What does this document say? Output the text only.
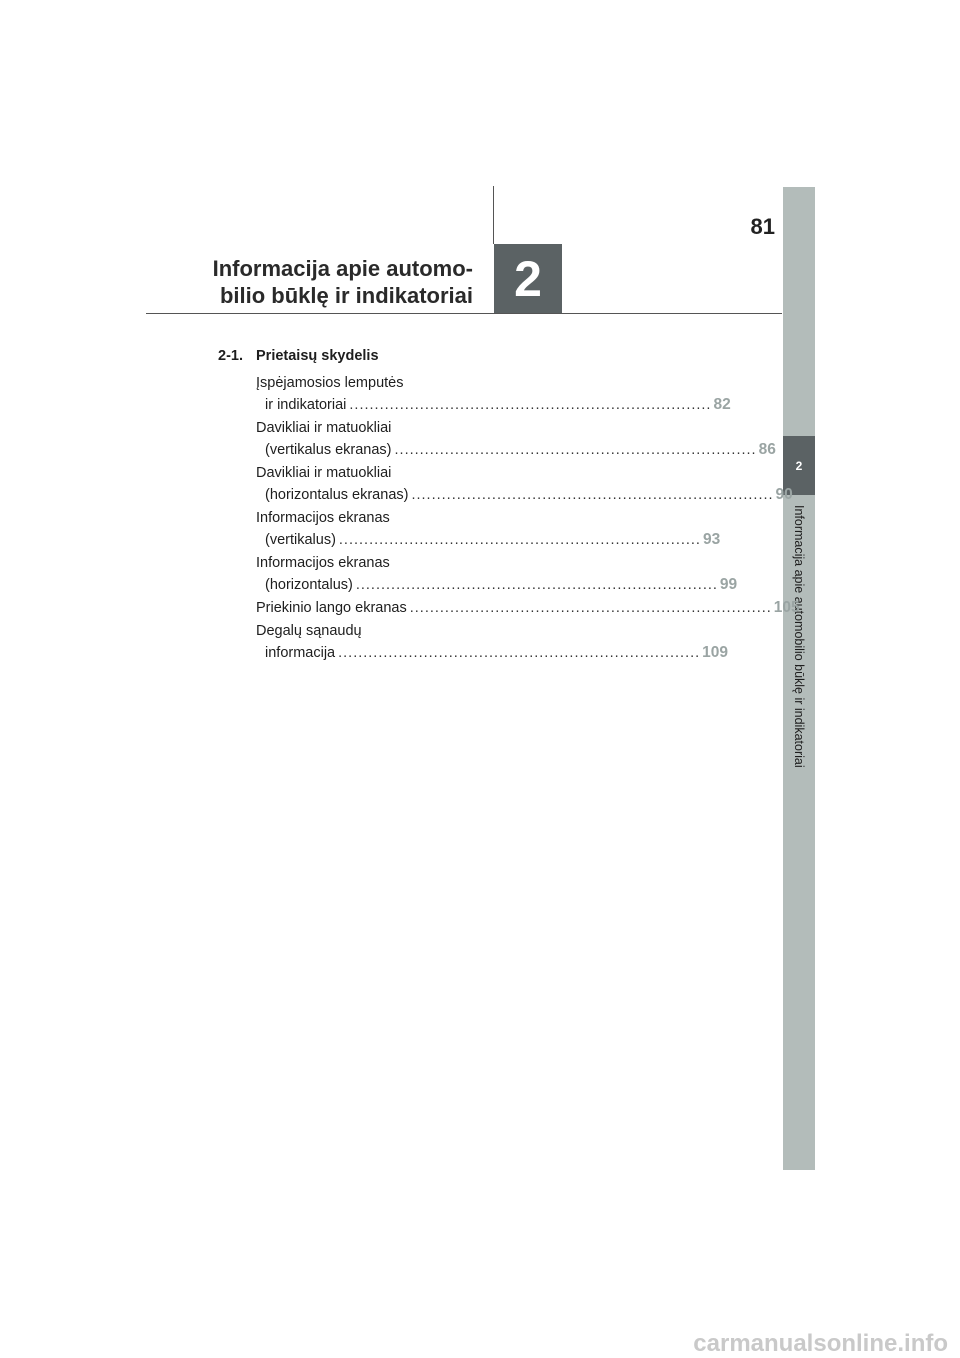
81
2
Informacija apie automo-
bilio būklę ir indikatoriai
2
Informacija apie automobilio būklę ir indikatoriai
2-1. Prietaisų skydelis
Įspėjamosios lemputės
ir indikatoriai ........................................................................ 82
Davikliai ir matuokliai
(vertikalus ekranas) ........................................................................ 86
Davikliai ir matuokliai
(horizontalus ekranas) ........................................................................ 90
Informacijos ekranas
(vertikalus) ........................................................................ 93
Informacijos ekranas
(horizontalus) ........................................................................ 99
Priekinio lango ekranas ........................................................................ 105
Degalų sąnaudų
informacija ........................................................................ 109
carmanualsonline.info
